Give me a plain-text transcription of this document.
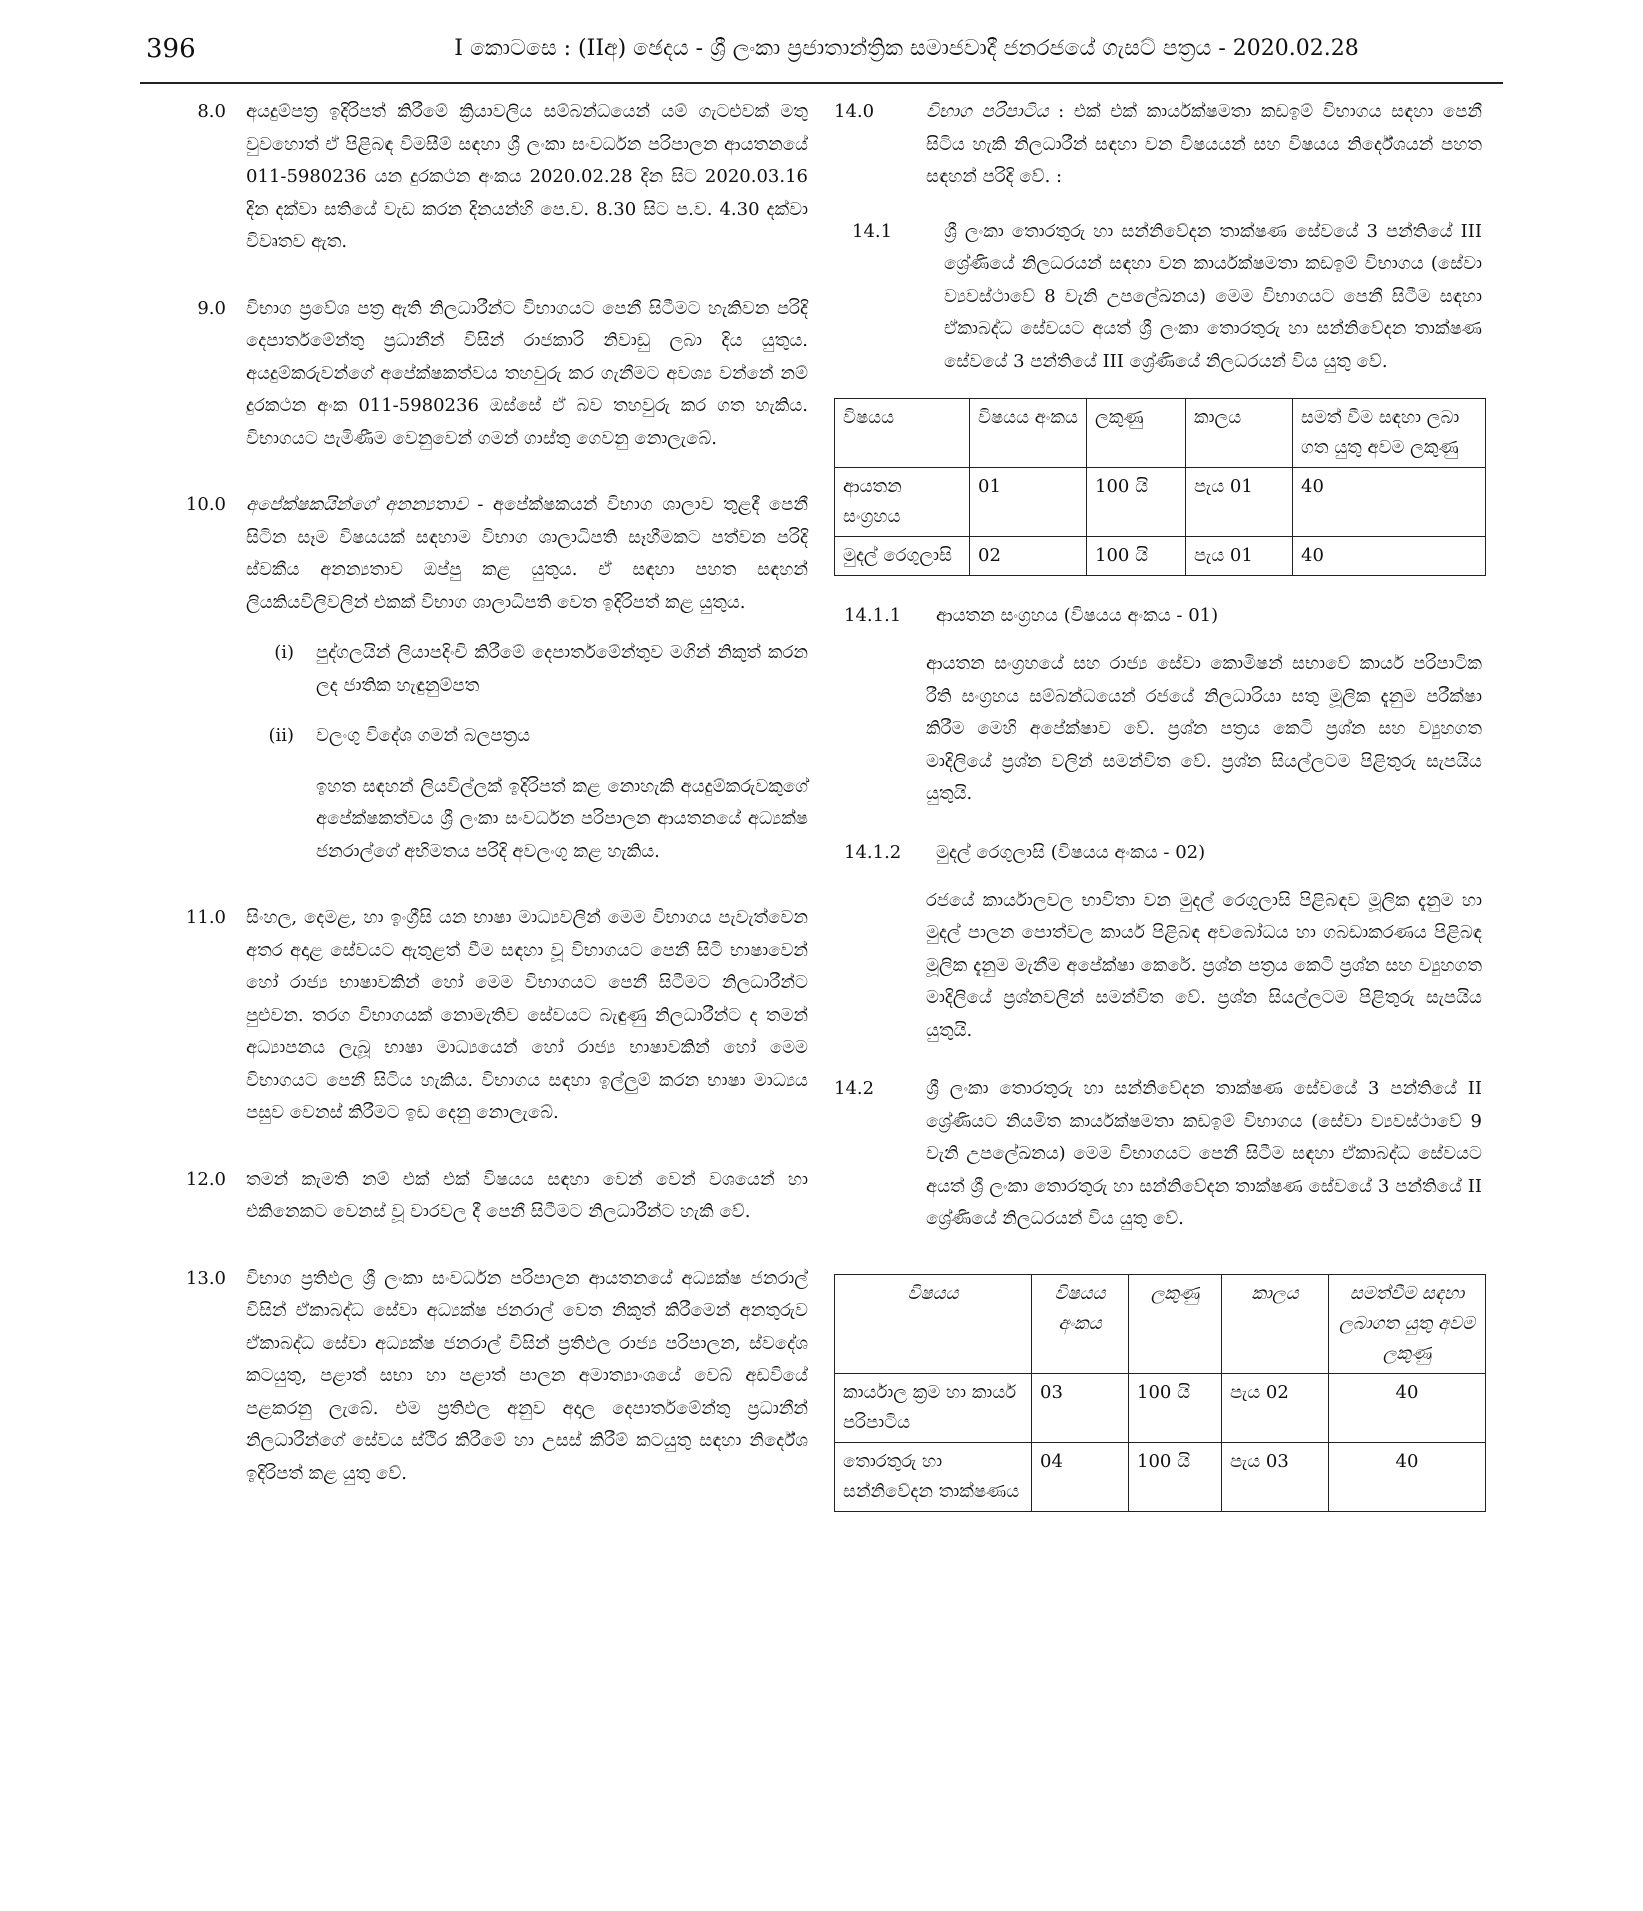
396	I කොටසෙ : (IIඅ) ඡෙදය - ශ්‍රී ලංකා ප්‍රජාතාන්ත්‍රික සමාජවාදී ජනරජයේ ගැසට් පත්‍රය - 2020.02.28
8.0	අයදුම්පත්‍ර ඉදිරිපත් කිරීමේ ක්‍රියාවලිය සම්බන්ධයෙන් යම් ගැටළුවක් මතු වුවහොත් ඒ පිළිබඳ විමසීම් සඳහා ශ්‍රී ලංකා සංවර්ධන පරිපාලන ආයතනයේ 011-5980236 යන දුරකථන අංකය 2020.02.28 දින සිට 2020.03.16 දින දක්වා සතියේ වැඩ කරන දිනයන්හි පෙ.ව. 8.30 සිට ප.ව. 4.30 දක්වා විවෘතව ඇත.
9.0	විභාග ප්‍රවේශ පත්‍ර ඇති නිලධාරීන්ට විභාගයට පෙනී සිටීමට හැකිවන පරිදි දෙපාර්තමේන්තු ප්‍රධානීන් විසින් රාජකාරි නිවාඩු ලබා දිය යුතුය. අයදුම්කරුවන්ගේ අපේක්ෂකත්වය තහවුරු කර ගැනීමට අවශ්‍ය වන්නේ නම් දුරකථන අංක 011-5980236 ඔස්සේ ඒ බව තහවුරු කර ගත හැකිය. විභාගයට පැමිණීම වෙනුවෙන් ගමන් ගාස්තු ගෙවනු නොලැබේ.
10.0	අපේක්ෂකයින්ගේ අනන්‍යතාව - අපේක්ෂකයන් විභාග ශාලාව තුළදී පෙනී සිටින සෑම විෂයයක් සඳහාම විභාග ශාලාධිපති සෑහීමකට පත්වන පරිදි ස්වකීය අනන්‍යතාව ඔප්පු කළ යුතුය. ඒ සඳහා පහත සඳහන් ලියකියවිලිවලින් එකක් විභාග ශාලාධිපති වෙත ඉදිරිපත් කළ යුතුය.
(i)	පුද්ගලයින් ලියාපදිංචි කිරීමේ දෙපාර්තමේන්තුව මගින් නිකුත් කරන ලද ජාතික හැඳුනුම්පත
(ii)	වලංගු විදේශ ගමන් බලපත්‍රය
ඉහත සඳහන් ලියවිල්ලක් ඉදිරිපත් කළ නොහැකි අයදුම්කරුවකුගේ අපේක්ෂකත්වය ශ්‍රී ලංකා සංවර්ධන පරිපාලන ආයතනයේ අධ්‍යක්ෂ ජනරාල්ගේ අභිමතය පරිදි අවලංගු කළ හැකිය.
11.0	සිංහල, දෙමළ, හා ඉංග්‍රීසි යන භාෂා මාධ්‍යවලින් මෙම විභාගය පැවැත්වෙන අතර අදාළ සේවයට ඇතුළත් වීම සඳහා වූ විභාගයට පෙනී සිටි භාෂාවෙන් හෝ රාජ්‍ය භාෂාවකින් හෝ මෙම විභාගයට පෙනී සිටීමට නිලධාරීන්ට පුළුවන. තරග විභාගයක් නොමැතිව සේවයට බැඳුණු නිලධාරීන්ට ද තමන් අධ්‍යාපනය ලැබූ භාෂා මාධ්‍යයෙන් හෝ රාජ්‍ය භාෂාවකින් හෝ මෙම විභාගයට පෙනී සිටිය හැකිය. විභාගය සඳහා ඉල්ලුම් කරන භාෂා මාධ්‍යය පසුව වෙනස් කිරීමට ඉඩ දෙනු නොලැබේ.
12.0	තමන් කැමති නම් එක් එක් විෂයය සඳහා වෙන් වෙන් වශයෙන් හා එකිනෙකට වෙනස් වූ වාරවල දී පෙනී සිටීමට නිලධාරීන්ට හැකි වේ.
13.0	විභාග ප්‍රතිඵල ශ්‍රී ලංකා සංවර්ධන පරිපාලන ආයතනයේ අධ්‍යක්ෂ ජනරාල් විසින් ඒකාබද්ධ සේවා අධ්‍යක්ෂ ජනරාල් වෙත නිකුත් කිරීමෙන් අනතුරුව ඒකාබද්ධ සේවා අධ්‍යක්ෂ ජනරාල් විසින් ප්‍රතිඵල රාජ්‍ය පරිපාලන, ස්වදේශ කටයුතු, පළාත් සභා හා පළාත් පාලන අමාත්‍යාංශයේ වෙබ් අඩවියේ පළකරනු ලැබේ. එම ප්‍රතිඵල අනුව අදාල දෙපාර්තමේන්තු ප්‍රධානීන් නිලධාරීන්ගේ සේවය ස්ථිර කිරීමේ හා උසස් කිරීම් කටයුතු සඳහා නිර්දේශ ඉදිරිපත් කළ යුතු වේ.
14.0	විභාග පරිපාටිය : එක් එක් කාර්යක්ෂමතා කඩඉම් විභාගය සඳහා පෙනී සිටිය හැකි නිලධාරීන් සඳහා වන විෂයයන් සහ විෂයය නිර්දේශයන් පහත සඳහන් පරිදි වේ. :
14.1	ශ්‍රී ලංකා තොරතුරු හා සන්නිවේදන තාක්ෂණ සේවයේ 3 පන්තියේ III ශ්‍රේණියේ නිලධරයන් සඳහා වන කාර්යක්ෂමතා කඩඉම් විභාගය (සේවා ව්‍යවස්ථාවේ 8 වැනි උපලේඛනය) මෙම විභාගයට පෙනී සිටීම සඳහා ඒකාබද්ධ සේවයට අයත් ශ්‍රී ලංකා තොරතුරු හා සන්නිවේදන තාක්ෂණ සේවයේ 3 පන්තියේ III ශ්‍රේණියේ නිලධරයන් විය යුතු වේ.
විෂයය	විෂයය අංකය	ලකුණු	කාලය	සමත් වීම සඳහා ලබා ගත යුතු අවම ලකුණු
ආයතන සංග්‍රහය	01	100 යි	පැය 01	40
මුදල් රෙගුලාසි	02	100 යි	පැය 01	40
14.1.1	ආයතන සංග්‍රහය (විෂයය අංකය - 01)
ආයතන සංග්‍රහයේ සහ රාජ්‍ය සේවා කොමිෂන් සභාවේ කාර්ය පරිපාටික රීති සංග්‍රහය සම්බන්ධයෙන් රජයේ නිලධාරියා සතු මූලික දැනුම පරීක්ෂා කිරීම මෙහි අපේක්ෂාව වේ. ප්‍රශ්න පත්‍රය කෙටි ප්‍රශ්න සහ ව්‍යුහගත මාදිලියේ ප්‍රශ්න වලින් සමන්විත වේ. ප්‍රශ්න සියල්ලටම පිළිතුරු සැපයිය යුතුයි.
14.1.2	මුදල් රෙගුලාසි (විෂයය අංකය - 02)
රජයේ කාර්යාලවල භාවිතා වන මුදල් රෙගුලාසි පිළිබඳව මූලික දැනුම හා මුදල් පාලන පොත්වල කාර්ය පිළිබඳ අවබෝධය හා ගබඩාකරණය පිළිබඳ මූලික දැනුම මැනීම අපේක්ෂා කෙරේ. ප්‍රශ්න පත්‍රය කෙටි ප්‍රශ්න සහ ව්‍යුහගත මාදිලියේ ප්‍රශ්නවලින් සමන්විත වේ. ප්‍රශ්න සියල්ලටම පිළිතුරු සැපයිය යුතුයි.
14.2	ශ්‍රී ලංකා තොරතුරු හා සන්නිවේදන තාක්ෂණ සේවයේ 3 පන්තියේ II ශ්‍රේණියට නියමිත කාර්යක්ෂමතා කඩඉම් විභාගය (සේවා ව්‍යවස්ථාවේ 9 වැනි උපලේඛනය) මෙම විභාගයට පෙනී සිටීම සඳහා ඒකාබද්ධ සේවයට අයත් ශ්‍රී ලංකා තොරතුරු හා සන්නිවේදන තාක්ෂණ සේවයේ 3 පන්තියේ II ශ්‍රේණියේ නිලධරයන් විය යුතු වේ.
විෂයය	විෂයය අංකය	ලකුණු	කාලය	සමත්වීම සඳහා ලබාගත යුතු අවම ලකුණු
කාර්යාල ක්‍රම හා කාර්ය පරිපාටිය	03	100 යි	පැය 02	40
තොරතුරු හා සන්නිවේදන තාක්ෂණය	04	100 යි	පැය 03	40
